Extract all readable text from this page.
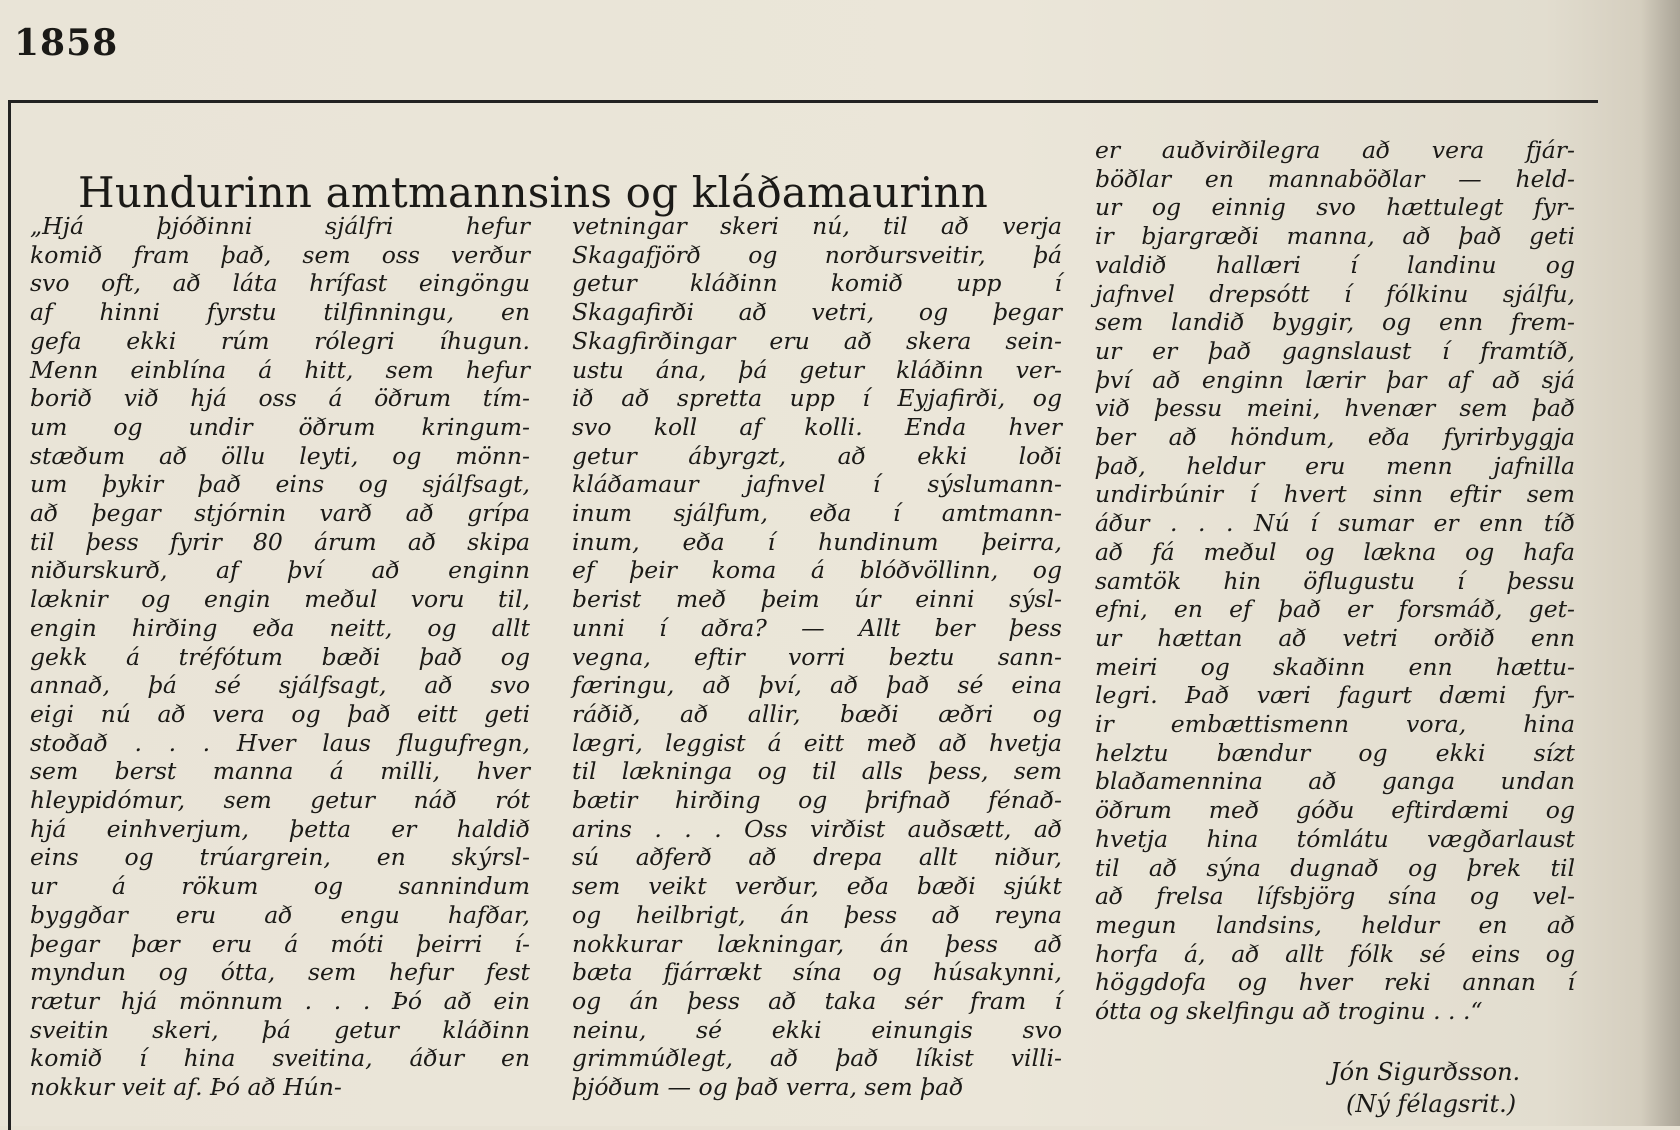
1858
Hundurinn amtmannsins og kláðamaurinn
„Hjá þjóðinni sjálfri hefur
komið fram það, sem oss verður
svo oft, að láta hrífast eingöngu
af hinni fyrstu tilfinningu, en
gefa ekki rúm rólegri íhugun.
Menn einblína á hitt, sem hefur
borið við hjá oss á öðrum tím-
um og undir öðrum kringum-
stæðum að öllu leyti, og mönn-
um þykir það eins og sjálfsagt,
að þegar stjórnin varð að grípa
til þess fyrir 80 árum að skipa
niðurskurð, af því að enginn
læknir og engin meðul voru til,
engin hirðing eða neitt, og allt
gekk á tréfótum bæði það og
annað, þá sé sjálfsagt, að svo
eigi nú að vera og það eitt geti
stoðað . . . Hver laus flugufregn,
sem berst manna á milli, hver
hleypidómur, sem getur náð rót
hjá einhverjum, þetta er haldið
eins og trúargrein, en skýrsl-
ur á rökum og sannindum
byggðar eru að engu hafðar,
þegar þær eru á móti þeirri í-
myndun og ótta, sem hefur fest
rætur hjá mönnum . . . Þó að ein
sveitin skeri, þá getur kláðinn
komið í hina sveitina, áður en
nokkur veit af. Þó að Hún-
vetningar skeri nú, til að verja
Skagafjörð og norðursveitir, þá
getur kláðinn komið upp í
Skagafirði að vetri, og þegar
Skagfirðingar eru að skera sein-
ustu ána, þá getur kláðinn ver-
ið að spretta upp í Eyjafirði, og
svo koll af kolli. Enda hver
getur ábyrgzt, að ekki loði
kláðamaur jafnvel í sýslumann-
inum sjálfum, eða í amtmann-
inum, eða í hundinum þeirra,
ef þeir koma á blóðvöllinn, og
berist með þeim úr einni sýsl-
unni í aðra? — Allt ber þess
vegna, eftir vorri beztu sann-
færingu, að því, að það sé eina
ráðið, að allir, bæði æðri og
lægri, leggist á eitt með að hvetja
til lækninga og til alls þess, sem
bætir hirðing og þrifnað fénað-
arins . . . Oss virðist auðsætt, að
sú aðferð að drepa allt niður,
sem veikt verður, eða bæði sjúkt
og heilbrigt, án þess að reyna
nokkurar lækningar, án þess að
bæta fjárrækt sína og húsakynni,
og án þess að taka sér fram í
neinu, sé ekki einungis svo
grimmúðlegt, að það líkist villi-
þjóðum — og það verra, sem það
er auðvirðilegra að vera fjár-
böðlar en mannaböðlar — held-
ur og einnig svo hættulegt fyr-
ir bjargræði manna, að það geti
valdið hallæri í landinu og
jafnvel drepsótt í fólkinu sjálfu,
sem landið byggir, og enn frem-
ur er það gagnslaust í framtíð,
því að enginn lærir þar af að sjá
við þessu meini, hvenær sem það
ber að höndum, eða fyrirbyggja
það, heldur eru menn jafnilla
undirbúnir í hvert sinn eftir sem
áður . . . Nú í sumar er enn tíð
að fá meðul og lækna og hafa
samtök hin öflugustu í þessu
efni, en ef það er forsmáð, get-
ur hættan að vetri orðið enn
meiri og skaðinn enn hættu-
legri. Það væri fagurt dæmi fyr-
ir embættismenn vora, hina
helztu bændur og ekki sízt
blaðamennina að ganga undan
öðrum með góðu eftirdæmi og
hvetja hina tómlátu vægðarlaust
til að sýna dugnað og þrek til
að frelsa lífsbjörg sína og vel-
megun landsins, heldur en að
horfa á, að allt fólk sé eins og
höggdofa og hver reki annan í
ótta og skelfingu að troginu . . .“
Jón Sigurðsson.
(Ný félagsrit.)
